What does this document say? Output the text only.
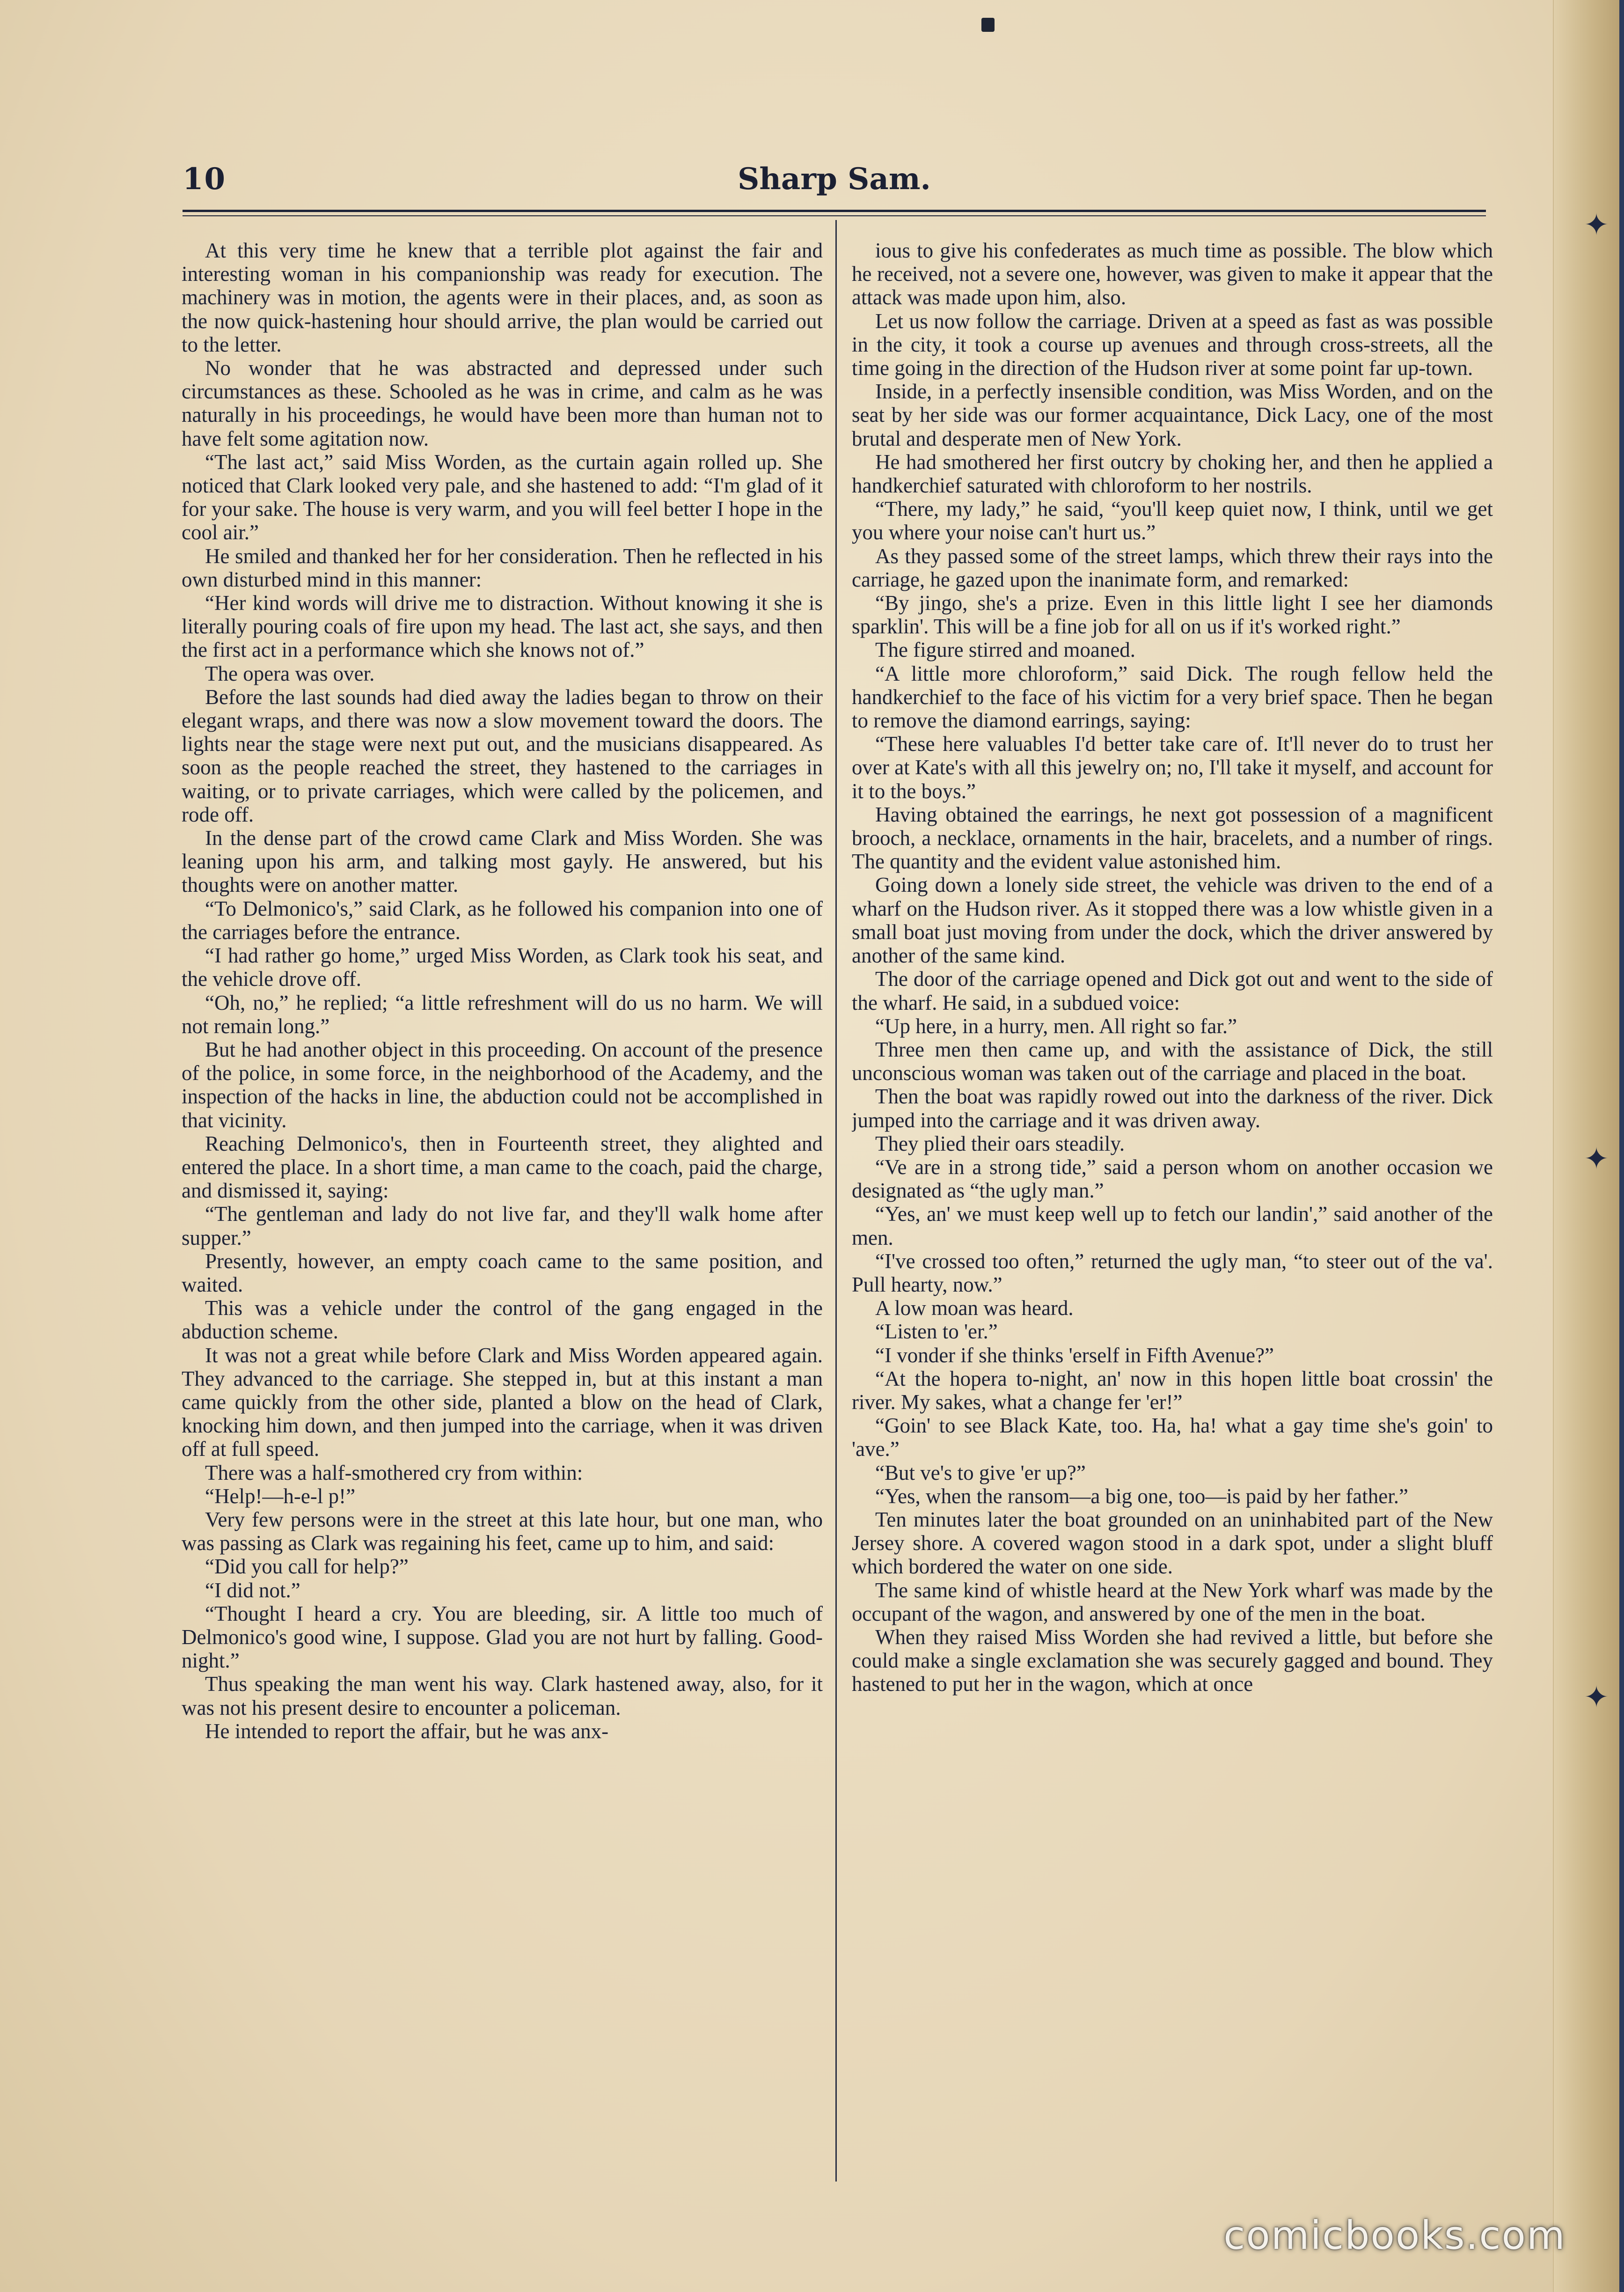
10	Sharp Sam.

At this very time he knew that a terrible plot against the fair and interesting woman in his companionship was ready for execution. The machinery was in motion, the agents were in their places, and, as soon as the now quick-hastening hour should arrive, the plan would be carried out to the letter.

No wonder that he was abstracted and depressed under such circumstances as these. Schooled as he was in crime, and calm as he was naturally in his proceedings, he would have been more than human not to have felt some agitation now.

“The last act,” said Miss Worden, as the curtain again rolled up. She noticed that Clark looked very pale, and she hastened to add: “I'm glad of it for your sake. The house is very warm, and you will feel better I hope in the cool air.”

He smiled and thanked her for her consideration. Then he reflected in his own disturbed mind in this manner:

“Her kind words will drive me to distraction. Without knowing it she is literally pouring coals of fire upon my head. The last act, she says, and then the first act in a performance which she knows not of.”

The opera was over.

Before the last sounds had died away the ladies began to throw on their elegant wraps, and there was now a slow movement toward the doors. The lights near the stage were next put out, and the musicians disappeared. As soon as the people reached the street, they hastened to the carriages in waiting, or to private carriages, which were called by the policemen, and rode off.

In the dense part of the crowd came Clark and Miss Worden. She was leaning upon his arm, and talking most gayly. He answered, but his thoughts were on another matter.

“To Delmonico's,” said Clark, as he followed his companion into one of the carriages before the entrance.

“I had rather go home,” urged Miss Worden, as Clark took his seat, and the vehicle drove off.

“Oh, no,” he replied; “a little refreshment will do us no harm. We will not remain long.”

But he had another object in this proceeding. On account of the presence of the police, in some force, in the neighborhood of the Academy, and the inspection of the hacks in line, the abduction could not be accomplished in that vicinity.

Reaching Delmonico's, then in Fourteenth street, they alighted and entered the place. In a short time, a man came to the coach, paid the charge, and dismissed it, saying:

“The gentleman and lady do not live far, and they'll walk home after supper.”

Presently, however, an empty coach came to the same position, and waited.

This was a vehicle under the control of the gang engaged in the abduction scheme.

It was not a great while before Clark and Miss Worden appeared again. They advanced to the carriage. She stepped in, but at this instant a man came quickly from the other side, planted a blow on the head of Clark, knocking him down, and then jumped into the carriage, when it was driven off at full speed.

There was a half-smothered cry from within:

“Help!—h-e-l p!”

Very few persons were in the street at this late hour, but one man, who was passing as Clark was regaining his feet, came up to him, and said:

“Did you call for help?”

“I did not.”

“Thought I heard a cry. You are bleeding, sir. A little too much of Delmonico's good wine, I suppose. Glad you are not hurt by falling. Good-night.”

Thus speaking the man went his way. Clark hastened away, also, for it was not his present desire to encounter a policeman.

He intended to report the affair, but he was anx-

ious to give his confederates as much time as possible. The blow which he received, not a severe one, however, was given to make it appear that the attack was made upon him, also.

Let us now follow the carriage. Driven at a speed as fast as was possible in the city, it took a course up avenues and through cross-streets, all the time going in the direction of the Hudson river at some point far up-town.

Inside, in a perfectly insensible condition, was Miss Worden, and on the seat by her side was our former acquaintance, Dick Lacy, one of the most brutal and desperate men of New York.

He had smothered her first outcry by choking her, and then he applied a handkerchief saturated with chloroform to her nostrils.

“There, my lady,” he said, “you'll keep quiet now, I think, until we get you where your noise can't hurt us.”

As they passed some of the street lamps, which threw their rays into the carriage, he gazed upon the inanimate form, and remarked:

“By jingo, she's a prize. Even in this little light I see her diamonds sparklin'. This will be a fine job for all on us if it's worked right.”

The figure stirred and moaned.

“A little more chloroform,” said Dick. The rough fellow held the handkerchief to the face of his victim for a very brief space. Then he began to remove the diamond earrings, saying:

“These here valuables I'd better take care of. It'll never do to trust her over at Kate's with all this jewelry on; no, I'll take it myself, and account for it to the boys.”

Having obtained the earrings, he next got possession of a magnificent brooch, a necklace, ornaments in the hair, bracelets, and a number of rings. The quantity and the evident value astonished him.

Going down a lonely side street, the vehicle was driven to the end of a wharf on the Hudson river. As it stopped there was a low whistle given in a small boat just moving from under the dock, which the driver answered by another of the same kind.

The door of the carriage opened and Dick got out and went to the side of the wharf. He said, in a subdued voice:

“Up here, in a hurry, men. All right so far.”

Three men then came up, and with the assistance of Dick, the still unconscious woman was taken out of the carriage and placed in the boat.

Then the boat was rapidly rowed out into the darkness of the river. Dick jumped into the carriage and it was driven away.

They plied their oars steadily.

“Ve are in a strong tide,” said a person whom on another occasion we designated as “the ugly man.”

“Yes, an' we must keep well up to fetch our landin',” said another of the men.

“I've crossed too often,” returned the ugly man, “to steer out of the va'. Pull hearty, now.”

A low moan was heard.

“Listen to 'er.”

“I vonder if she thinks 'erself in Fifth Avenue?”

“At the hopera to-night, an' now in this hopen little boat crossin' the river. My sakes, what a change fer 'er!”

“Goin' to see Black Kate, too. Ha, ha! what a gay time she's goin' to 'ave.”

“But ve's to give 'er up?”

“Yes, when the ransom—a big one, too—is paid by her father.”

Ten minutes later the boat grounded on an uninhabited part of the New Jersey shore. A covered wagon stood in a dark spot, under a slight bluff which bordered the water on one side.

The same kind of whistle heard at the New York wharf was made by the occupant of the wagon, and answered by one of the men in the boat.

When they raised Miss Worden she had revived a little, but before she could make a single exclamation she was securely gagged and bound. They hastened to put her in the wagon, which at once

✦
✦
✦
comicbooks.com
